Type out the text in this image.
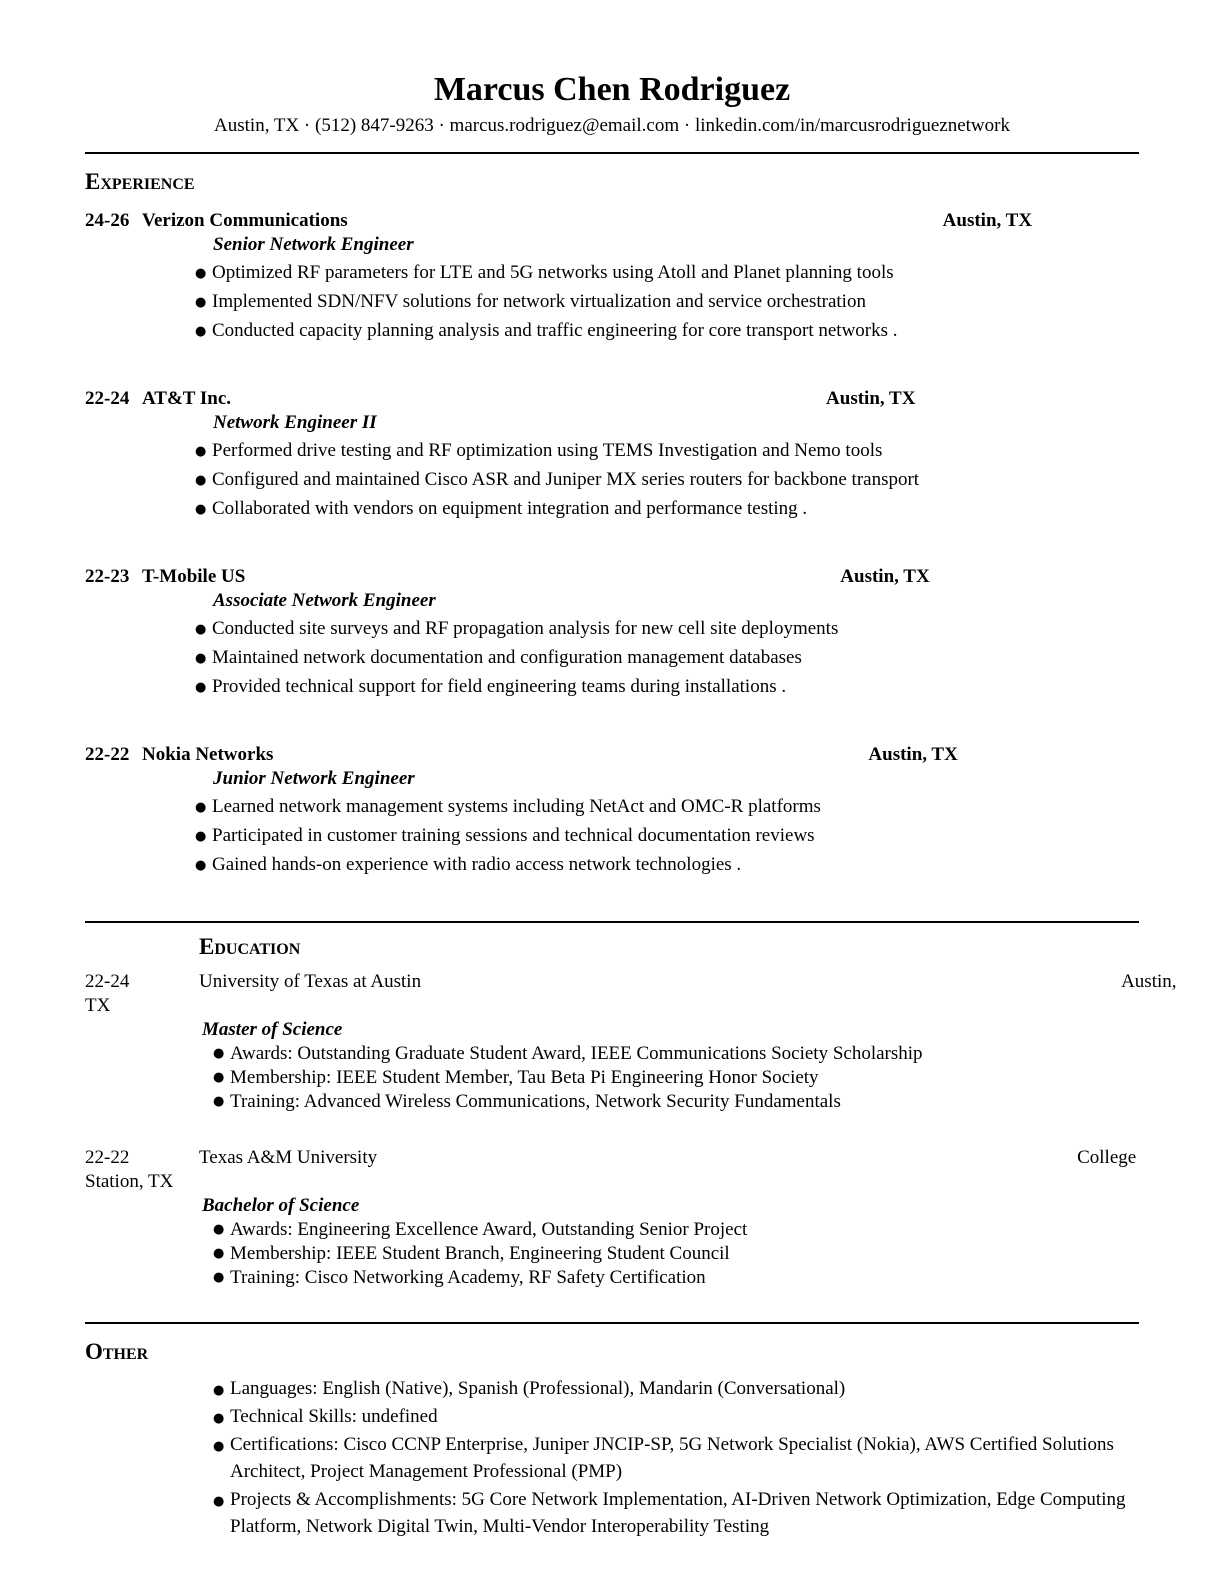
Marcus Chen Rodriguez
Austin, TX · (512) 847-9263 · marcus.rodriguez@email.com · linkedin.com/in/marcusrodrigueznetwork
Experience
24-26 Verizon Communications	Austin, TX
Senior Network Engineer
● Optimized RF parameters for LTE and 5G networks using Atoll and Planet planning tools
● Implemented SDN/NFV solutions for network virtualization and service orchestration
● Conducted capacity planning analysis and traffic engineering for core transport networks .
22-24 AT&T Inc.	Austin, TX
Network Engineer II
● Performed drive testing and RF optimization using TEMS Investigation and Nemo tools
● Configured and maintained Cisco ASR and Juniper MX series routers for backbone transport
● Collaborated with vendors on equipment integration and performance testing .
22-23 T-Mobile US	Austin, TX
Associate Network Engineer
● Conducted site surveys and RF propagation analysis for new cell site deployments
● Maintained network documentation and configuration management databases
● Provided technical support for field engineering teams during installations .
22-22 Nokia Networks	Austin, TX
Junior Network Engineer
● Learned network management systems including NetAct and OMC-R platforms
● Participated in customer training sessions and technical documentation reviews
● Gained hands-on experience with radio access network technologies .
Education
22-24	University of Texas at Austin	Austin,
TX
Master of Science
● Awards: Outstanding Graduate Student Award, IEEE Communications Society Scholarship
● Membership: IEEE Student Member, Tau Beta Pi Engineering Honor Society
● Training: Advanced Wireless Communications, Network Security Fundamentals
22-22	Texas A&M University	College
Station, TX
Bachelor of Science
● Awards: Engineering Excellence Award, Outstanding Senior Project
● Membership: IEEE Student Branch, Engineering Student Council
● Training: Cisco Networking Academy, RF Safety Certification
Other
● Languages: English (Native), Spanish (Professional), Mandarin (Conversational)
● Technical Skills: undefined
● Certifications: Cisco CCNP Enterprise, Juniper JNCIP-SP, 5G Network Specialist (Nokia), AWS Certified Solutions Architect, Project Management Professional (PMP)
● Projects & Accomplishments: 5G Core Network Implementation, AI-Driven Network Optimization, Edge Computing Platform, Network Digital Twin, Multi-Vendor Interoperability Testing
